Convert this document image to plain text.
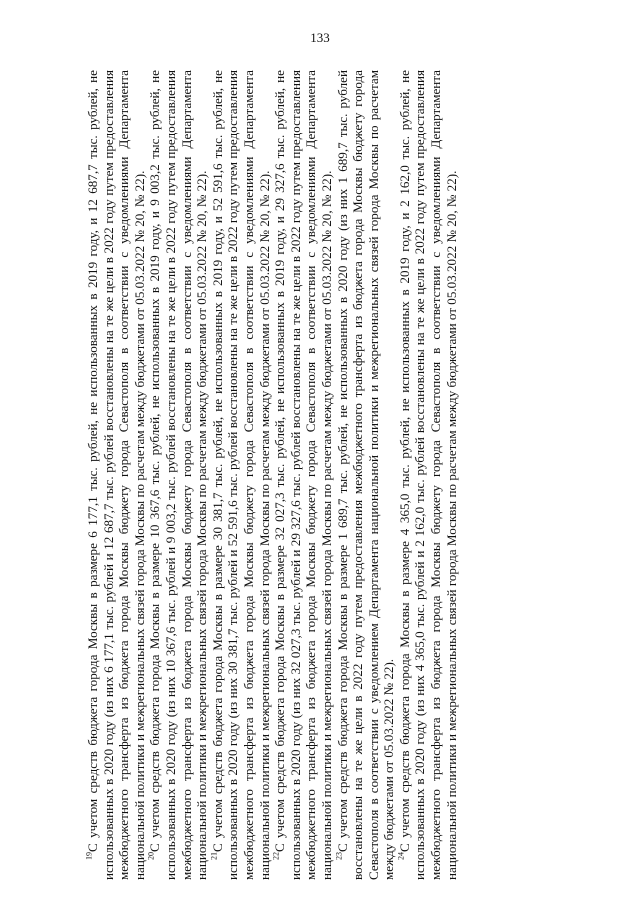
133

$^{19}$С учетом средств бюджета города Москвы в размере 6 177,1 тыс. рублей, не использованных в 2019 году, и 12 687,7 тыс. рублей, не использованных в 2020 году (из них 6 177,1 тыс. рублей и 12 687,7 тыс. рублей восстановлены на те же цели в 2022 году путем предоставления межбюджетного трансферта из бюджета города Москвы бюджету города Севастополя в соответствии с уведомлениями Департамента национальной политики и межрегиональных связей города Москвы по расчетам между бюджетами от 05.03.2022 № 20, № 22). $^{20}$С учетом средств бюджета города Москвы в размере 10 367,6 тыс. рублей, не использованных в 2019 году, и 9 003,2 тыс. рублей, не использованных в 2020 году (из них 10 367,6 тыс. рублей и 9 003,2 тыс. рублей восстановлены на те же цели в 2022 году путем предоставления межбюджетного трансферта из бюджета города Москвы бюджету города Севастополя в соответствии с уведомлениями Департамента национальной политики и межрегиональных связей города Москвы по расчетам между бюджетами от 05.03.2022 № 20, № 22). $^{21}$С учетом средств бюджета города Москвы в размере 30 381,7 тыс. рублей, не использованных в 2019 году, и 52 591,6 тыс. рублей, не использованных в 2020 году (из них 30 381,7 тыс. рублей и 52 591,6 тыс. рублей восстановлены на те же цели в 2022 году путем предоставления межбюджетного трансферта из бюджета города Москвы бюджету города Севастополя в соответствии с уведомлениями Департамента национальной политики и межрегиональных связей города Москвы по расчетам между бюджетами от 05.03.2022 № 20, № 22). $^{22}$С учетом средств бюджета города Москвы в размере 32 027,3 тыс. рублей, не использованных в 2019 году, и 29 327,6 тыс. рублей, не использованных в 2020 году (из них 32 027,3 тыс. рублей и 29 327,6 тыс. рублей восстановлены на те же цели в 2022 году путем предоставления межбюджетного трансферта из бюджета города Москвы бюджету города Севастополя в соответствии с уведомлениями Департамента национальной политики и межрегиональных связей города Москвы по расчетам между бюджетами от 05.03.2022 № 20, № 22). $^{23}$С учетом средств бюджета города Москвы в размере 1 689,7 тыс. рублей, не использованных в 2020 году (из них 1 689,7 тыс. рублей восстановлены на те же цели в 2022 году путем предоставления межбюджетного трансферта из бюджета города Москвы бюджету города Севастополя в соответствии с уведомлением Департамента национальной политики и межрегиональных связей города Москвы по расчетам между бюджетами от 05.03.2022 № 22). $^{24}$С учетом средств бюджета города Москвы в размере 4 365,0 тыс. рублей, не использованных в 2019 году, и 2 162,0 тыс. рублей, не использованных в 2020 году (из них 4 365,0 тыс. рублей и 2 162,0 тыс. рублей восстановлены на те же цели в 2022 году путем предоставления межбюджетного трансферта из бюджета города Москвы бюджету города Севастополя в соответствии с уведомлениями Департамента национальной политики и межрегиональных связей города Москвы по расчетам между бюджетами от 05.03.2022 № 20, № 22).
